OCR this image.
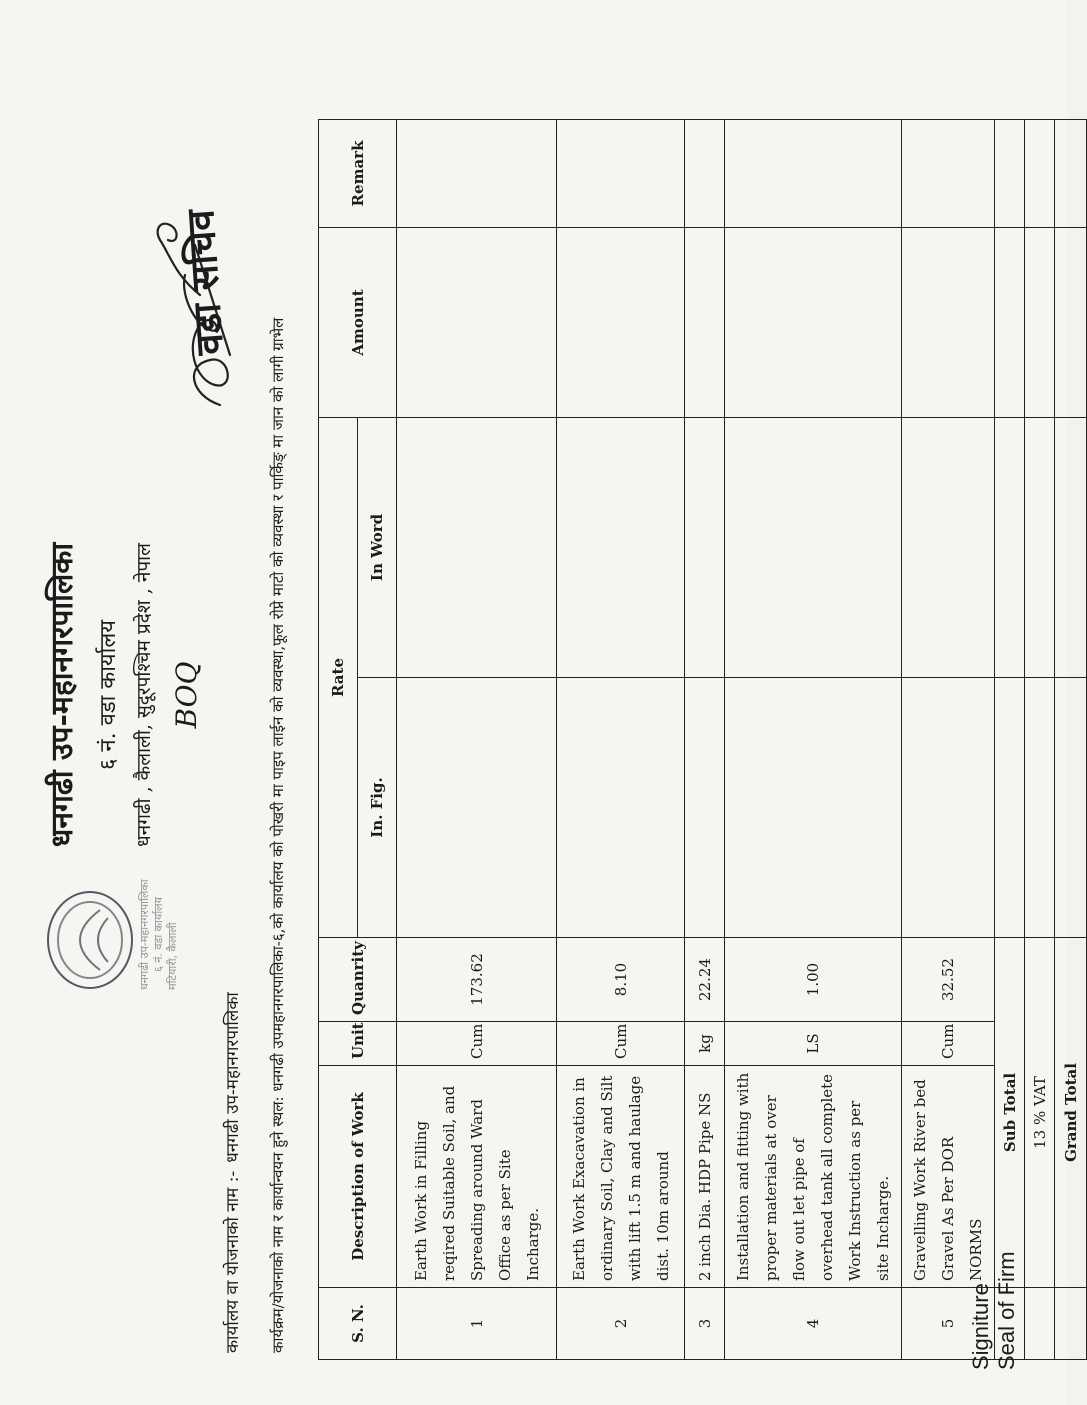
धनगढी उप-महानगरपालिका ६ नं. वडा कार्यालय मटियारी, कैलाली
धनगढी उप-महानगरपालिका ६ नं. वडा कार्यालय धनगढी , कैलाली, सुदूरपश्चिम प्रदेश , नेपाल BOQ
वडा सचिव
कार्यालय वा योजनाको नाम :-धनगढी उप-महानगरपालिका कार्यक्रम/योजनाको नाम र कार्यान्वयन हुने स्थल: धनगढी उपमहानगरपालिका-६,को कार्यालय को पोखरी मा पाइप लाईन को व्यवस्था,फूल रोप्ने माटो को व्यवस्था र पार्किङ् मा जान को लागी ग्राभेल	S. N.	Description of Work	Unit	Quanrity	Rate		Amount	Remark
				In. Fig.	In Word		
1	Earth Work in Filling reqired Suitable Soil, and Spreading around Ward Office as per Site Incharge.	Cum	173.62				
2	Earth Work Exacavation in ordinary Soil, Clay and Silt with lift 1.5 m and haulage dist. 10m around	Cum	8.10				
3	2 inch Dia. HDP Pipe NS	kg	22.24				
4	Installation and fitting with proper materials at over flow out let pipe of overhead tank all complete Work Instruction as per site Incharge.	LS	1.00				
5	Gravelling Work River bed Gravel As Per DOR NORMS	Cum	32.52				
	Sub Total						
	13 % VAT						
	Grand Total						
Signiture Seal of Firm
